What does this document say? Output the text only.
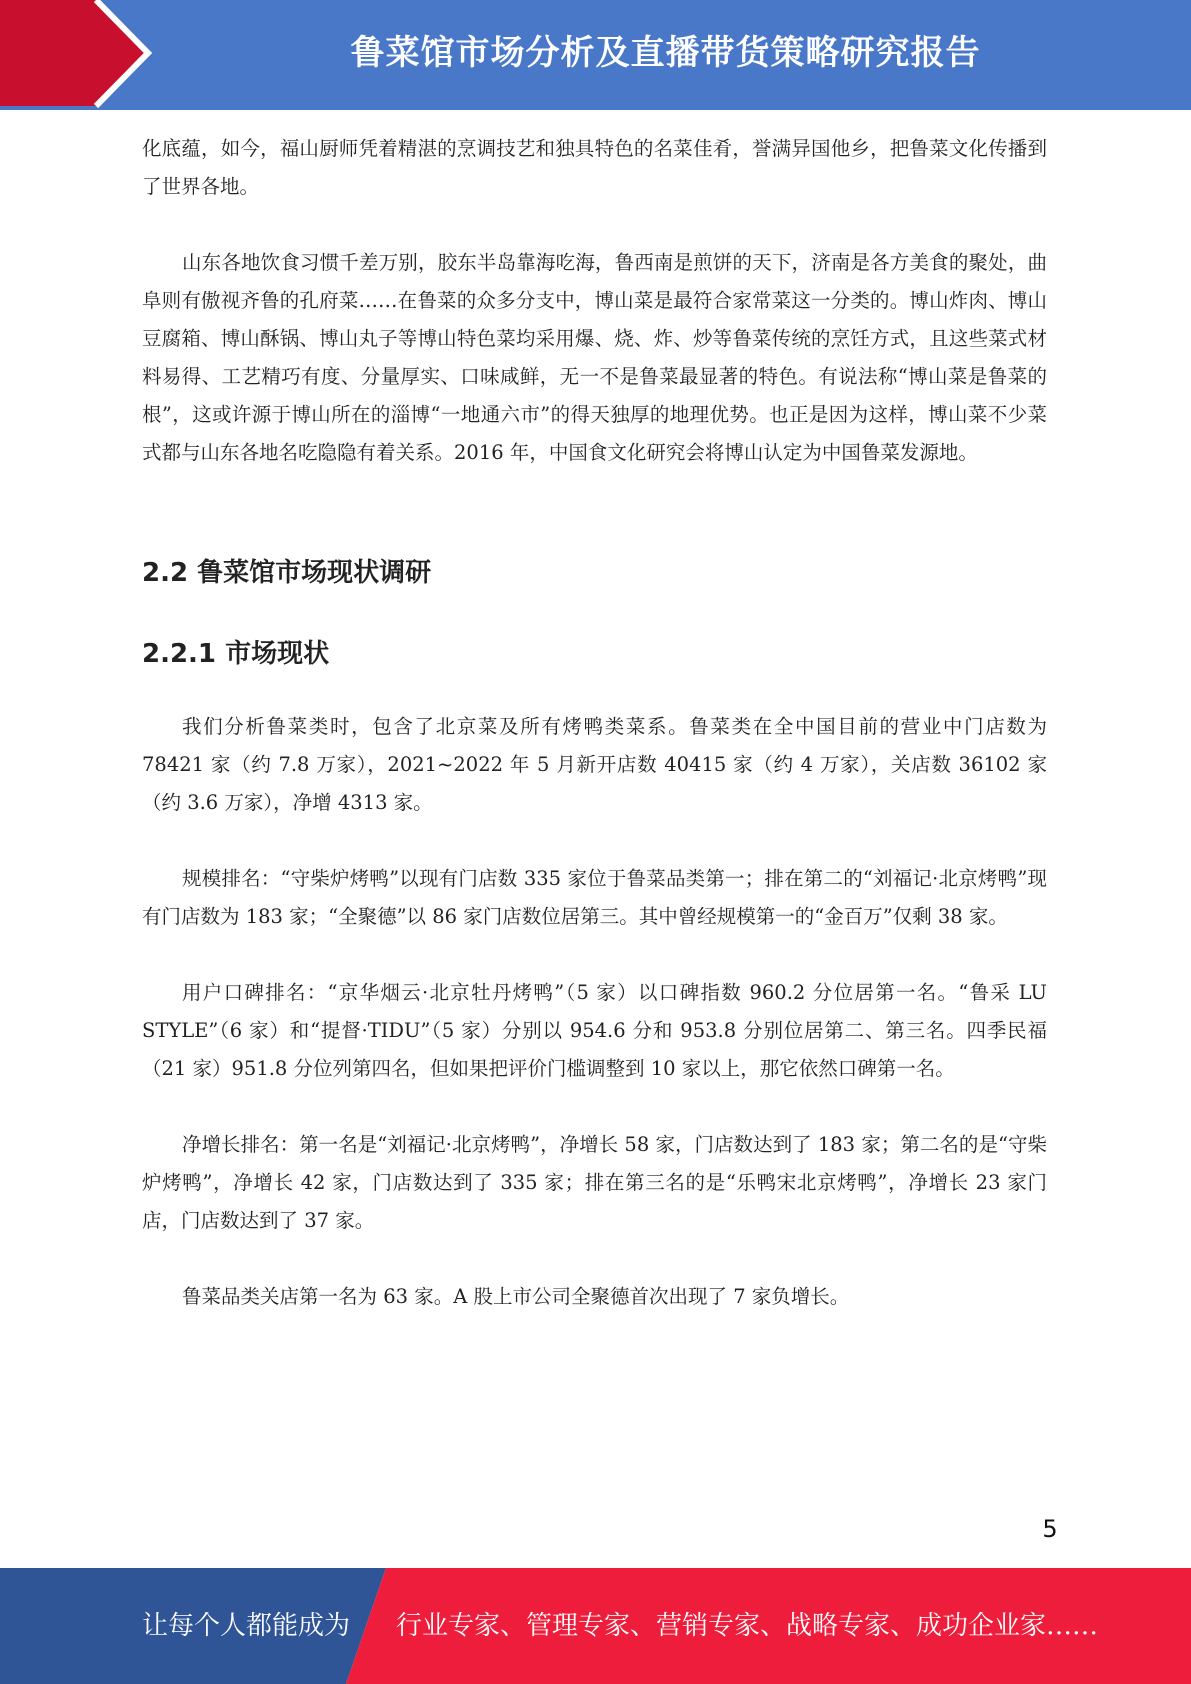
鲁菜馆市场分析及直播带货策略研究报告

化底蕴，如今，福山厨师凭着精湛的烹调技艺和独具特色的名菜佳肴，誉满异国他乡，把鲁菜文化传播到了世界各地。

山东各地饮食习惯千差万别，胶东半岛靠海吃海，鲁西南是煎饼的天下，济南是各方美食的聚处，曲阜则有傲视齐鲁的孔府菜……在鲁菜的众多分支中，博山菜是最符合家常菜这一分类的。博山炸肉、博山豆腐箱、博山酥锅、博山丸子等博山特色菜均采用爆、烧、炸、炒等鲁菜传统的烹饪方式，且这些菜式材料易得、工艺精巧有度、分量厚实、口味咸鲜，无一不是鲁菜最显著的特色。有说法称“博山菜是鲁菜的根”，这或许源于博山所在的淄博“一地通六市”的得天独厚的地理优势。也正是因为这样，博山菜不少菜式都与山东各地名吃隐隐有着关系。2016 年，中国食文化研究会将博山认定为中国鲁菜发源地。

2.2 鲁菜馆市场现状调研
2.2.1 市场现状

我们分析鲁菜类时，包含了北京菜及所有烤鸭类菜系。鲁菜类在全中国目前的营业中门店数为 78421 家（约 7.8 万家），2021~2022 年 5 月新开店数 40415 家（约 4 万家），关店数 36102 家（约 3.6 万家），净增 4313 家。

规模排名：“守柴炉烤鸭”以现有门店数 335 家位于鲁菜品类第一；排在第二的“刘福记·北京烤鸭”现有门店数为 183 家；“全聚德”以 86 家门店数位居第三。其中曾经规模第一的“金百万”仅剩 38 家。

用户口碑排名：“京华烟云·北京牡丹烤鸭”（5 家）以口碑指数 960.2 分位居第一名。“鲁采 LU STYLE”（6 家）和“提督·TIDU”（5 家）分别以 954.6 分和 953.8 分别位居第二、第三名。四季民福（21 家）951.8 分位列第四名，但如果把评价门槛调整到 10 家以上，那它依然口碑第一名。

净增长排名：第一名是“刘福记·北京烤鸭”，净增长 58 家，门店数达到了 183 家；第二名的是“守柴炉烤鸭”，净增长 42 家，门店数达到了 335 家；排在第三名的是“乐鸭宋北京烤鸭”，净增长 23 家门店，门店数达到了 37 家。

鲁菜品类关店第一名为 63 家。A 股上市公司全聚德首次出现了 7 家负增长。

5
让每个人都能成为 行业专家、管理专家、营销专家、战略专家、成功企业家……
